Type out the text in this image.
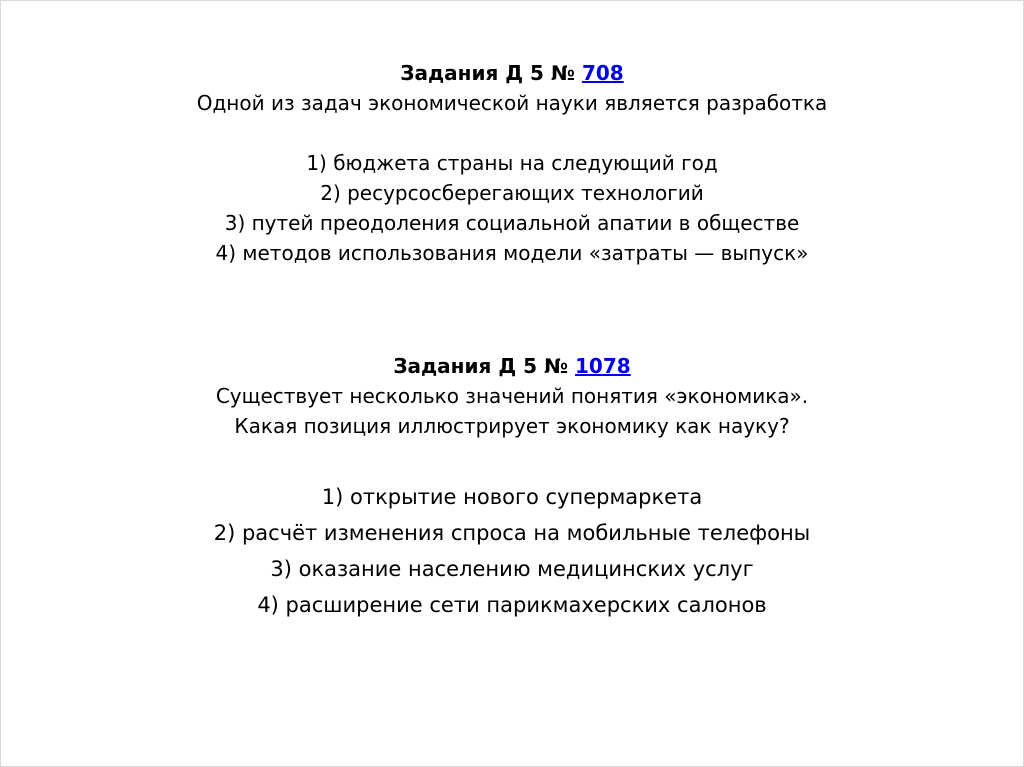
Задания Д 5 № 708
Одной из задач экономической науки является разработка
1) бюджета страны на следующий год
2) ресурсосберегающих технологий
3) путей преодоления социальной апатии в обществе
4) методов использования модели «затраты — выпуск»
Задания Д 5 № 1078
Существует несколько значений понятия «экономика».
Какая позиция иллюстрирует экономику как науку?
1) открытие нового супермаркета
2) расчёт изменения спроса на мобильные телефоны
3) оказание населению медицинских услуг
4) расширение сети парикмахерских салонов
